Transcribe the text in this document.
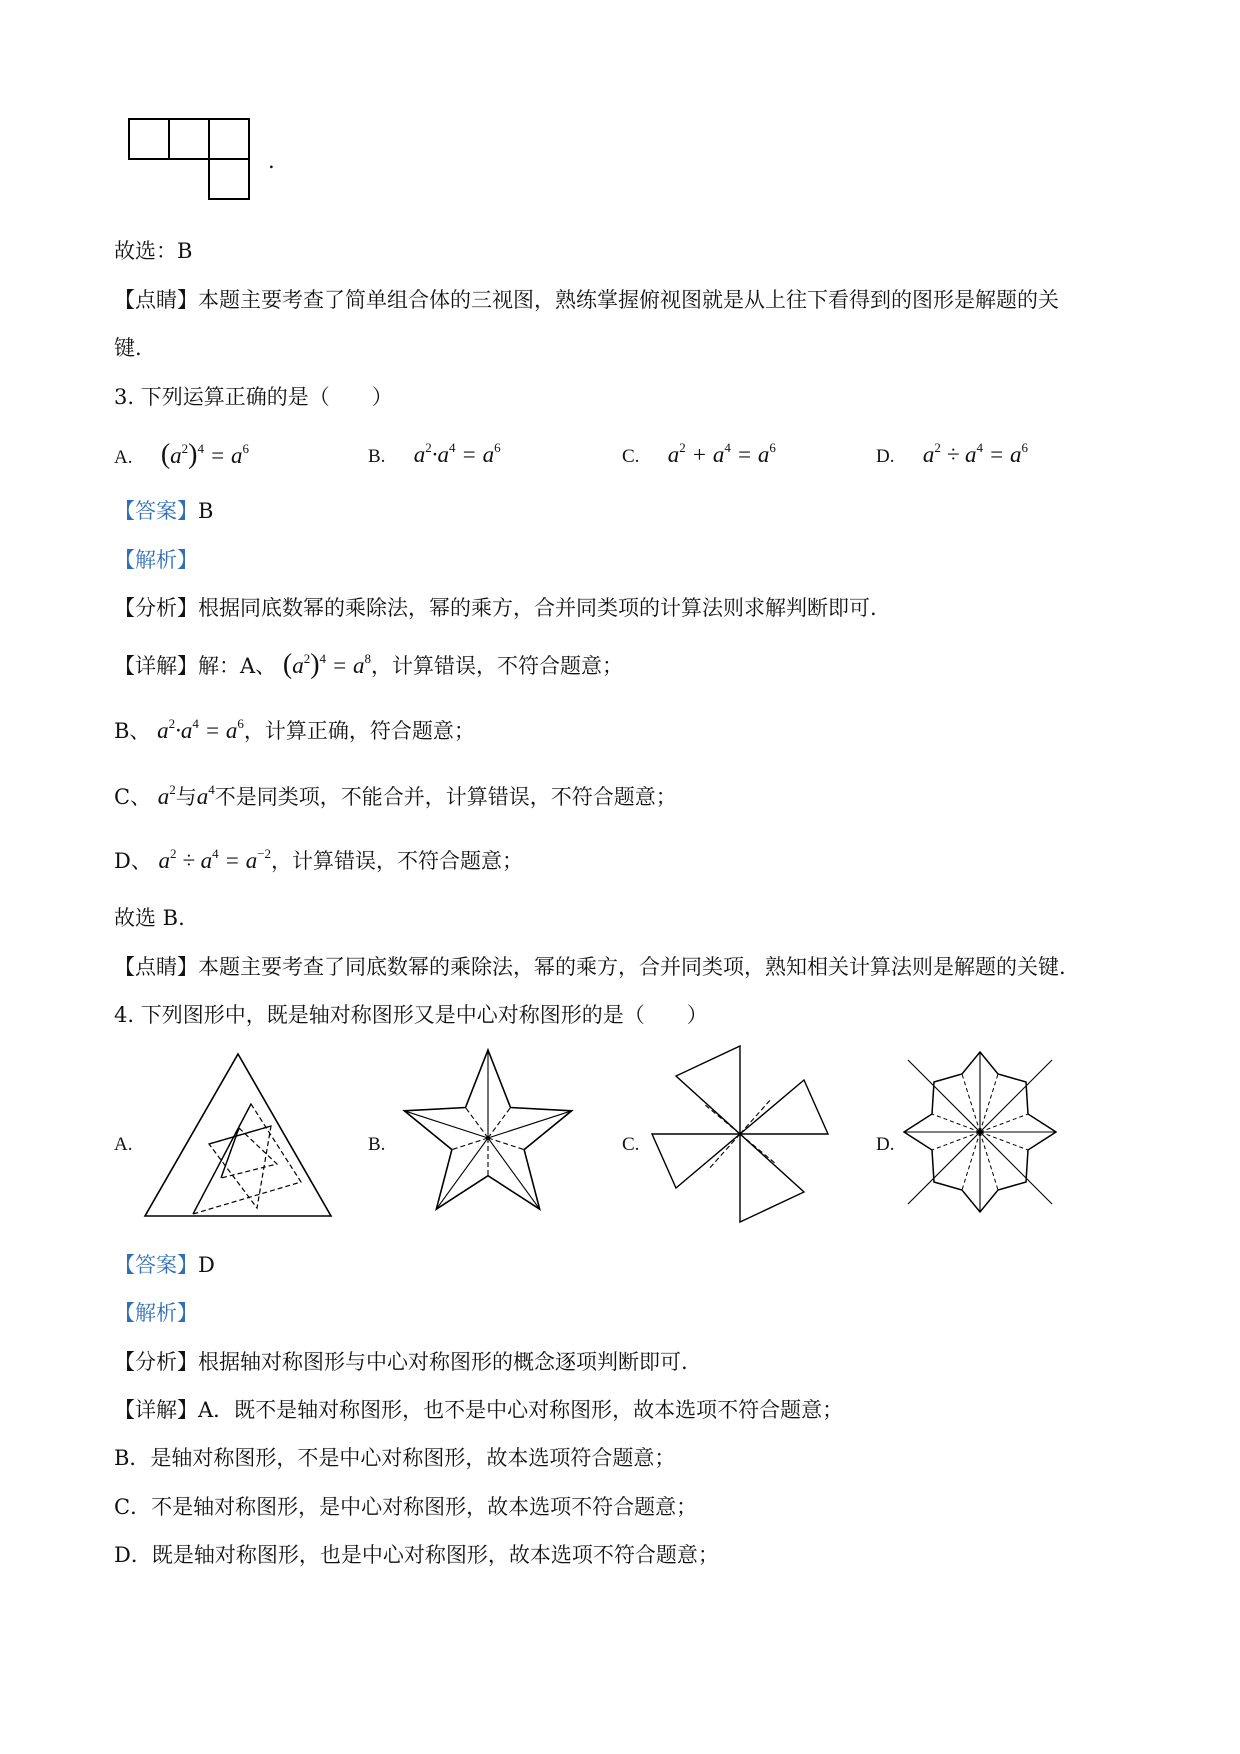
.
故选：B
【点睛】本题主要考查了简单组合体的三视图，熟练掌握俯视图就是从上往下看得到的图形是解题的关
键.
3. 下列运算正确的是（　　）
A. $(a^2)^4 = a^6$	B. $a^2\cdot a^4 = a^6$	C. $a^2 + a^4 = a^6$	D. $a^2 \div a^4 = a^6$
【答案】B
【解析】
【分析】根据同底数幂的乘除法，幂的乘方，合并同类项的计算法则求解判断即可.
【详解】解：A、 $(a^2)^4 = a^8$，计算错误，不符合题意；
B、 $a^2\cdot a^4 = a^6$，计算正确，符合题意；
C、 $a^2$与$a^4$不是同类项，不能合并，计算错误，不符合题意；
D、 $a^2 \div a^4 = a^{-2}$，计算错误，不符合题意；
故选 B.
【点睛】本题主要考查了同底数幂的乘除法，幂的乘方，合并同类项，熟知相关计算法则是解题的关键.
4. 下列图形中，既是轴对称图形又是中心对称图形的是（　　）
A.	B.	C.	D.
【答案】D
【解析】
【分析】根据轴对称图形与中心对称图形的概念逐项判断即可.
【详解】A．既不是轴对称图形，也不是中心对称图形，故本选项不符合题意；
B．是轴对称图形，不是中心对称图形，故本选项符合题意；
C．不是轴对称图形，是中心对称图形，故本选项不符合题意；
D．既是轴对称图形，也是中心对称图形，故本选项不符合题意；
